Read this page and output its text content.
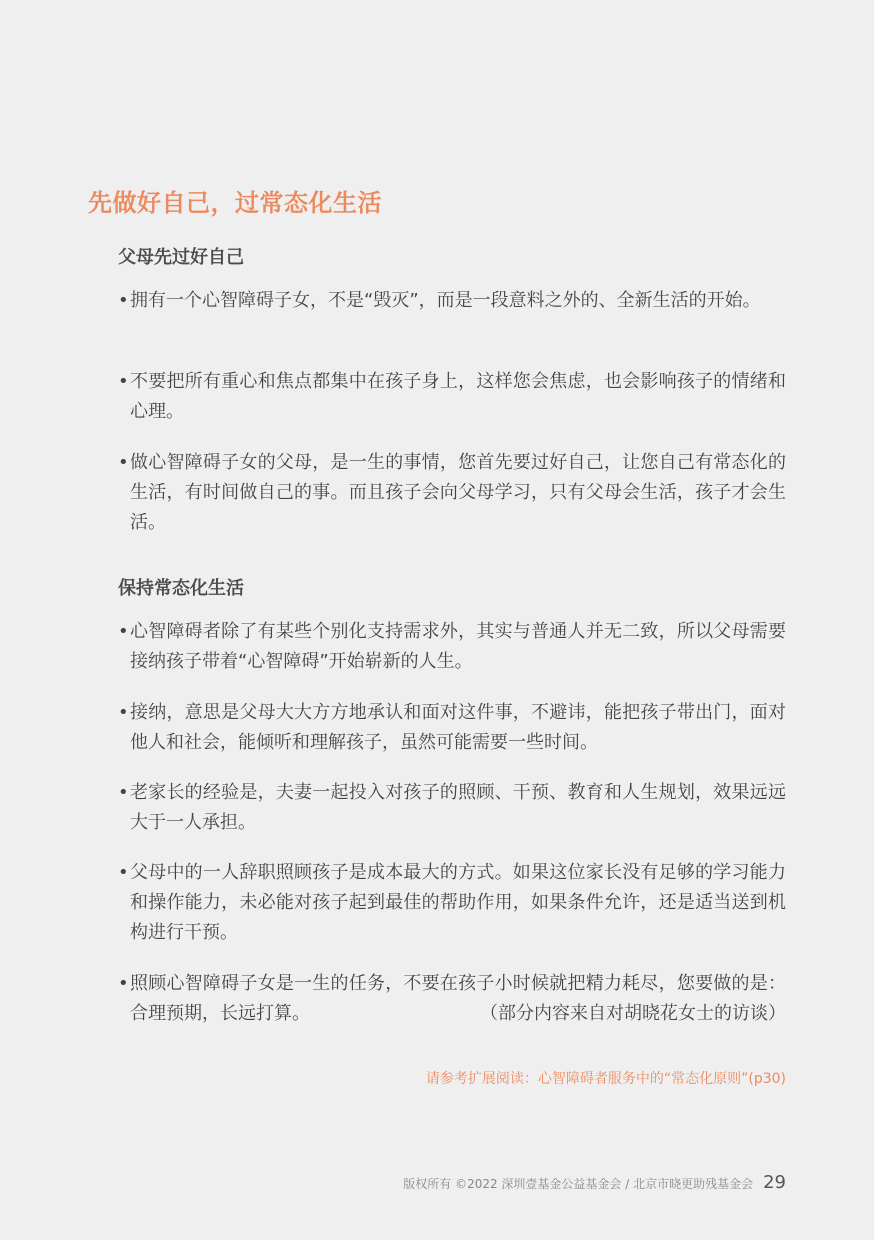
先做好自己，过常态化生活
父母先过好自己
• 拥有一个心智障碍子女，不是“毁灭”，而是一段意料之外的、全新生活的开始。
• 不要把所有重心和焦点都集中在孩子身上，这样您会焦虑，也会影响孩子的情绪和心理。
• 做心智障碍子女的父母，是一生的事情，您首先要过好自己，让您自己有常态化的生活，有时间做自己的事。而且孩子会向父母学习，只有父母会生活，孩子才会生活。
保持常态化生活
• 心智障碍者除了有某些个别化支持需求外，其实与普通人并无二致，所以父母需要接纳孩子带着“心智障碍”开始崭新的人生。
• 接纳，意思是父母大大方方地承认和面对这件事，不避讳，能把孩子带出门，面对他人和社会，能倾听和理解孩子，虽然可能需要一些时间。
• 老家长的经验是，夫妻一起投入对孩子的照顾、干预、教育和人生规划，效果远远大于一人承担。
• 父母中的一人辞职照顾孩子是成本最大的方式。如果这位家长没有足够的学习能力和操作能力，未必能对孩子起到最佳的帮助作用，如果条件允许，还是适当送到机构进行干预。
• 照顾心智障碍子女是一生的任务，不要在孩子小时候就把精力耗尽，您要做的是：合理预期，长远打算。	（部分内容来自对胡晓花女士的访谈）

请参考扩展阅读：心智障碍者服务中的“常态化原则”(p30)

版权所有 ©2022 深圳壹基金公益基金会 / 北京市晓更助残基金会 29
